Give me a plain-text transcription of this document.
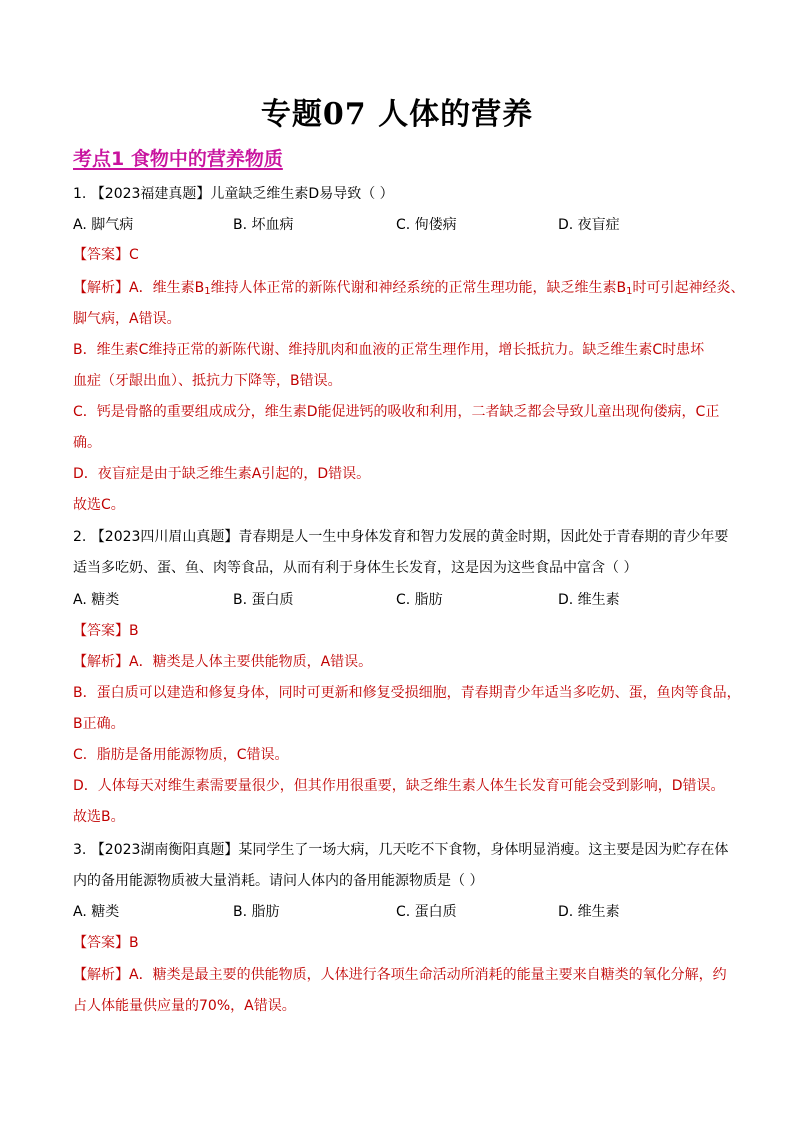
专题07 人体的营养
考点1 食物中的营养物质
1. 【2023福建真题】儿童缺乏维生素D易导致（ ）
A. 脚气病	B. 坏血病	C. 佝偻病	D. 夜盲症
【答案】C
【解析】A．维生素$B_1$维持人体正常的新陈代谢和神经系统的正常生理功能，缺乏维生素$B_1$时可引起神经炎、
脚气病，A错误。
B．维生素C维持正常的新陈代谢、维持肌肉和血液的正常生理作用，增长抵抗力。缺乏维生素C时患坏
血症（牙龈出血）、抵抗力下降等，B错误。
C．钙是骨骼的重要组成成分，维生素D能促进钙的吸收和利用，二者缺乏都会导致儿童出现佝偻病，C正
确。
D．夜盲症是由于缺乏维生素A引起的，D错误。
故选C。
2. 【2023四川眉山真题】青春期是人一生中身体发育和智力发展的黄金时期，因此处于青春期的青少年要
适当多吃奶、蛋、鱼、肉等食品，从而有利于身体生长发育，这是因为这些食品中富含（ ）
A. 糖类	B. 蛋白质	C. 脂肪	D. 维生素
【答案】B
【解析】A．糖类是人体主要供能物质，A错误。
B．蛋白质可以建造和修复身体，同时可更新和修复受损细胞，青春期青少年适当多吃奶、蛋，鱼肉等食品，
B正确。
C．脂肪是备用能源物质，C错误。
D．人体每天对维生素需要量很少，但其作用很重要，缺乏维生素人体生长发育可能会受到影响，D错误。
故选B。
3. 【2023湖南衡阳真题】某同学生了一场大病，几天吃不下食物，身体明显消瘦。这主要是因为贮存在体
内的备用能源物质被大量消耗。请问人体内的备用能源物质是（ ）
A. 糖类	B. 脂肪	C. 蛋白质	D. 维生素
【答案】B
【解析】A．糖类是最主要的供能物质，人体进行各项生命活动所消耗的能量主要来自糖类的氧化分解，约
占人体能量供应量的70%，A错误。
